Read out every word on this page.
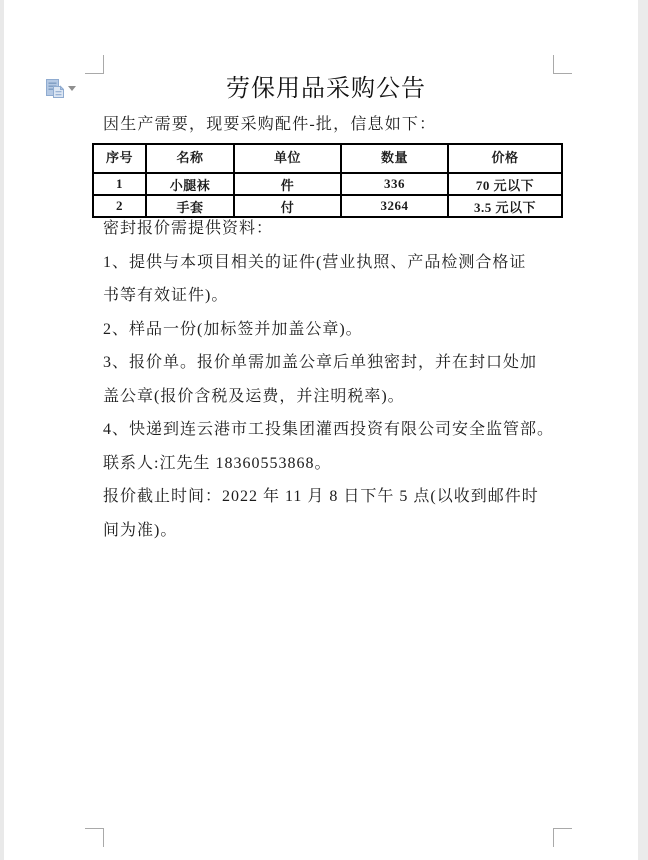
劳保用品采购公告
因生产需要，现要采购配件-批，信息如下：
序号	名称	单位	数量	价格
1	小腿袜	件	336	70 元以下
2	手套	付	3264	3.5 元以下
密封报价需提供资料：
1、提供与本项目相关的证件(营业执照、产品检测合格证
书等有效证件)。
2、样品一份(加标签并加盖公章)。
3、报价单。报价单需加盖公章后单独密封，并在封口处加
盖公章(报价含税及运费，并注明税率)。
4、快递到连云港市工投集团灌西投资有限公司安全监管部。
联系人:江先生 18360553868。
报价截止时间：2022 年 11 月 8 日下午 5 点(以收到邮件时
间为准)。
